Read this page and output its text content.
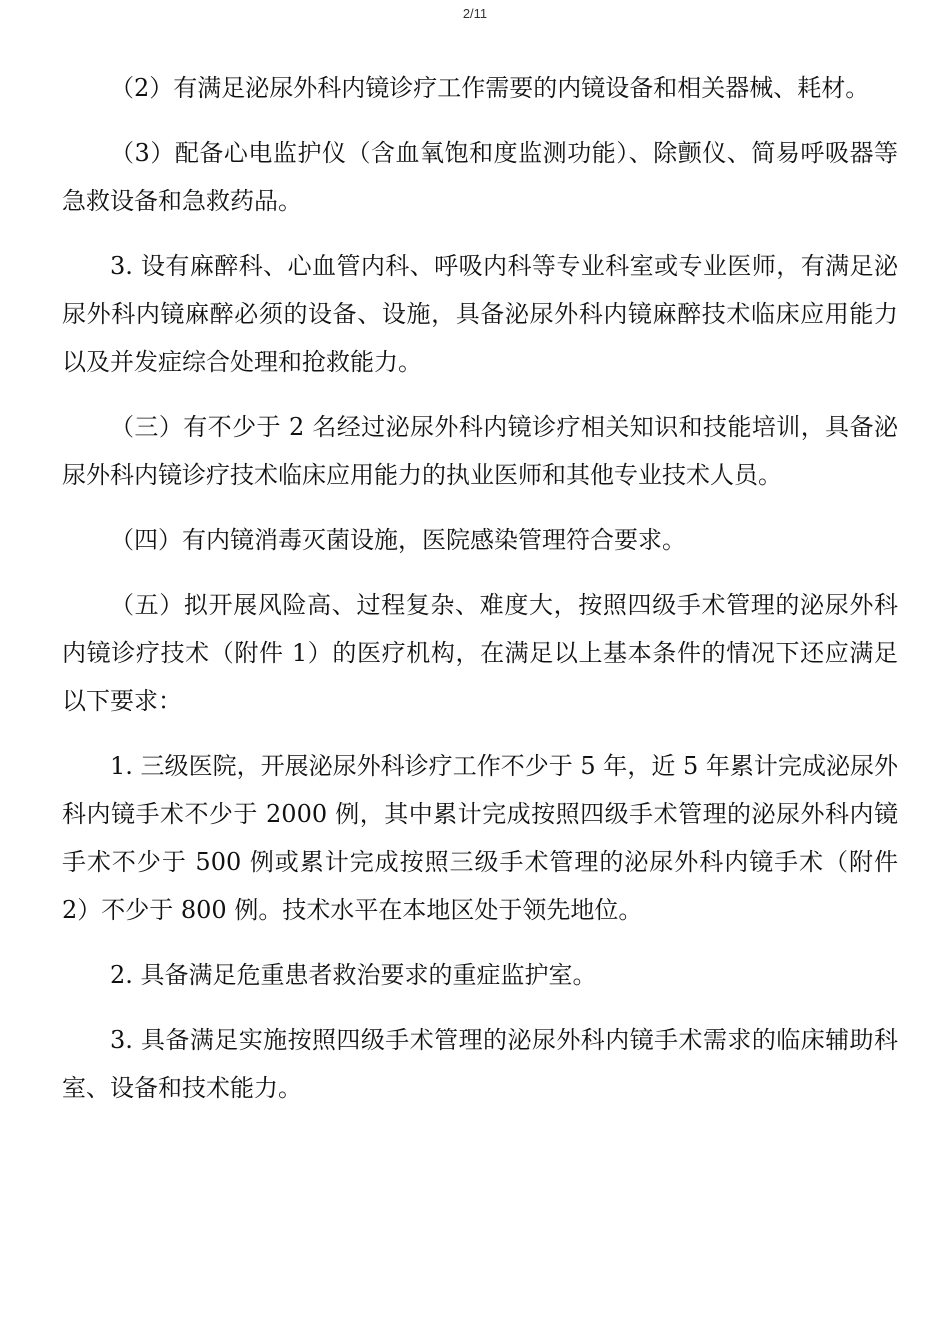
2/11

（2）有满足泌尿外科内镜诊疗工作需要的内镜设备和相关器械、耗材。

（3）配备心电监护仪（含血氧饱和度监测功能）、除颤仪、简易呼吸器等急救设备和急救药品。

3. 设有麻醉科、心血管内科、呼吸内科等专业科室或专业医师，有满足泌尿外科内镜麻醉必须的设备、设施，具备泌尿外科内镜麻醉技术临床应用能力以及并发症综合处理和抢救能力。

（三）有不少于 2 名经过泌尿外科内镜诊疗相关知识和技能培训，具备泌尿外科内镜诊疗技术临床应用能力的执业医师和其他专业技术人员。

（四）有内镜消毒灭菌设施，医院感染管理符合要求。

（五）拟开展风险高、过程复杂、难度大，按照四级手术管理的泌尿外科内镜诊疗技术（附件 1）的医疗机构，在满足以上基本条件的情况下还应满足以下要求：

1. 三级医院，开展泌尿外科诊疗工作不少于 5 年，近 5 年累计完成泌尿外科内镜手术不少于 2000 例，其中累计完成按照四级手术管理的泌尿外科内镜手术不少于 500 例或累计完成按照三级手术管理的泌尿外科内镜手术（附件 2）不少于 800 例。技术水平在本地区处于领先地位。

2. 具备满足危重患者救治要求的重症监护室。

3. 具备满足实施按照四级手术管理的泌尿外科内镜手术需求的临床辅助科室、设备和技术能力。
